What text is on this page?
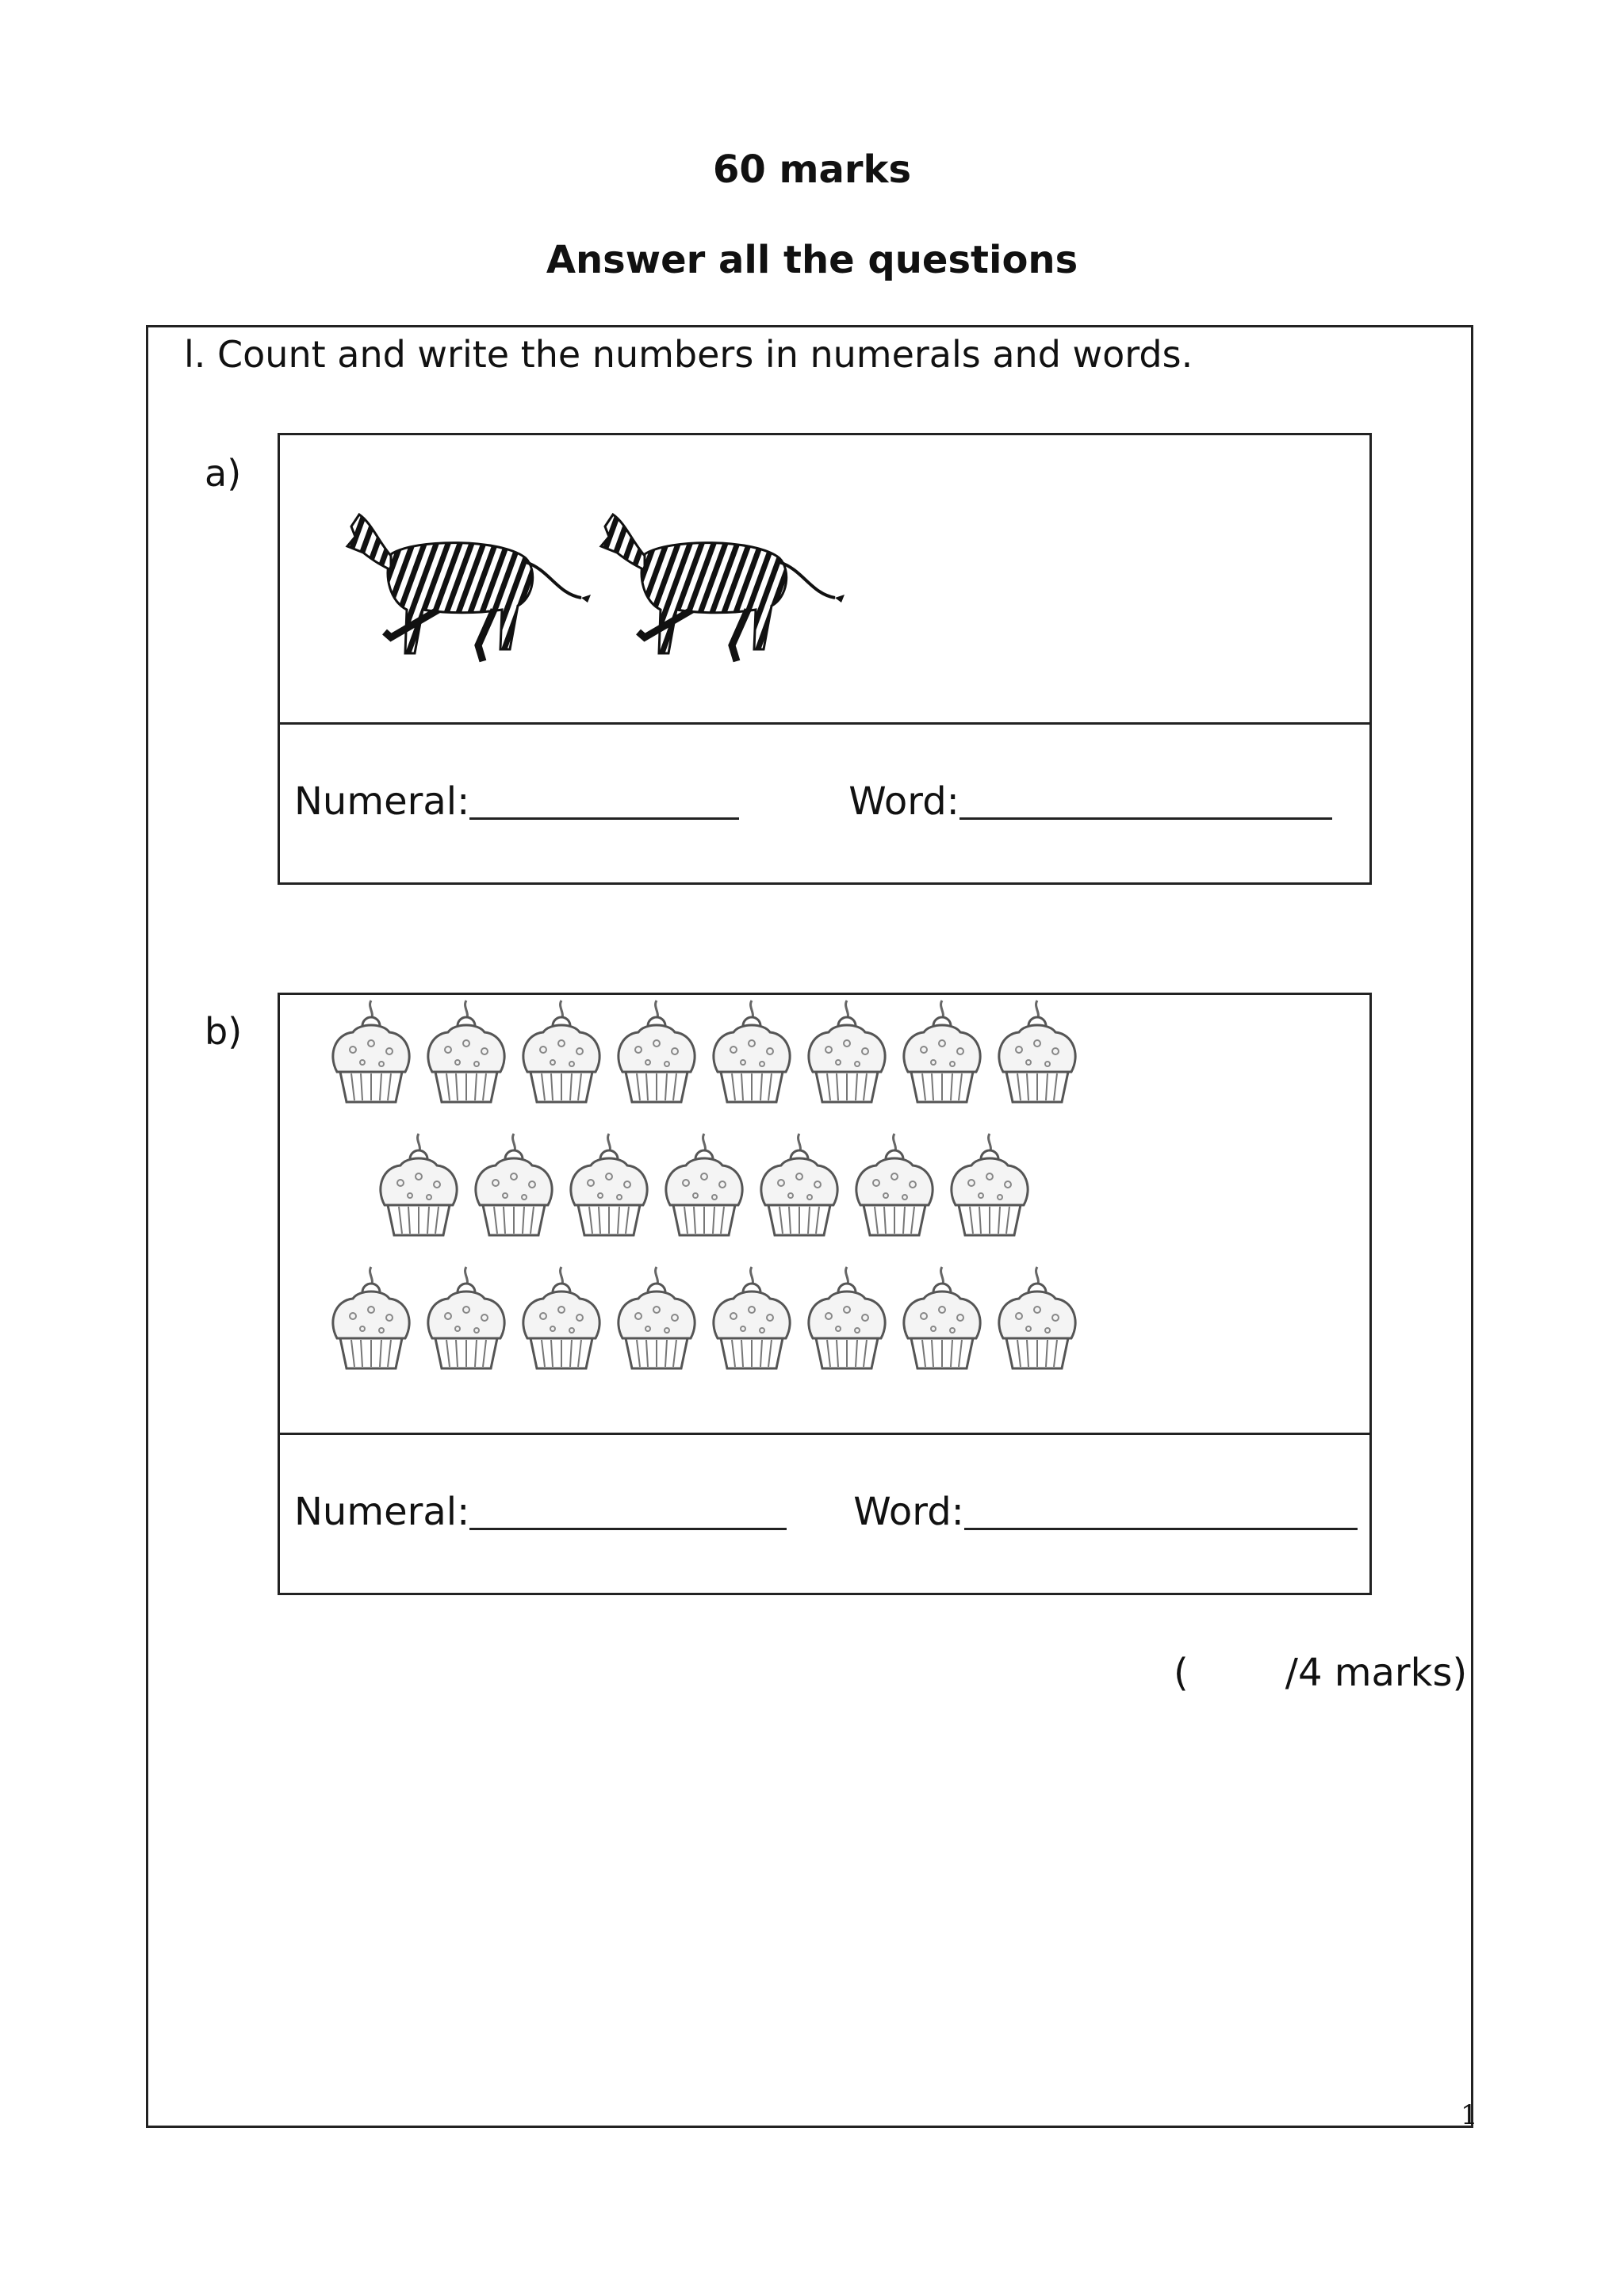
60 marks
Answer all the questions
l. Count and write the numbers in numerals and words.
a)
Numeral:	Word:
b)
Numeral:	Word:
(        /4 marks)
1
